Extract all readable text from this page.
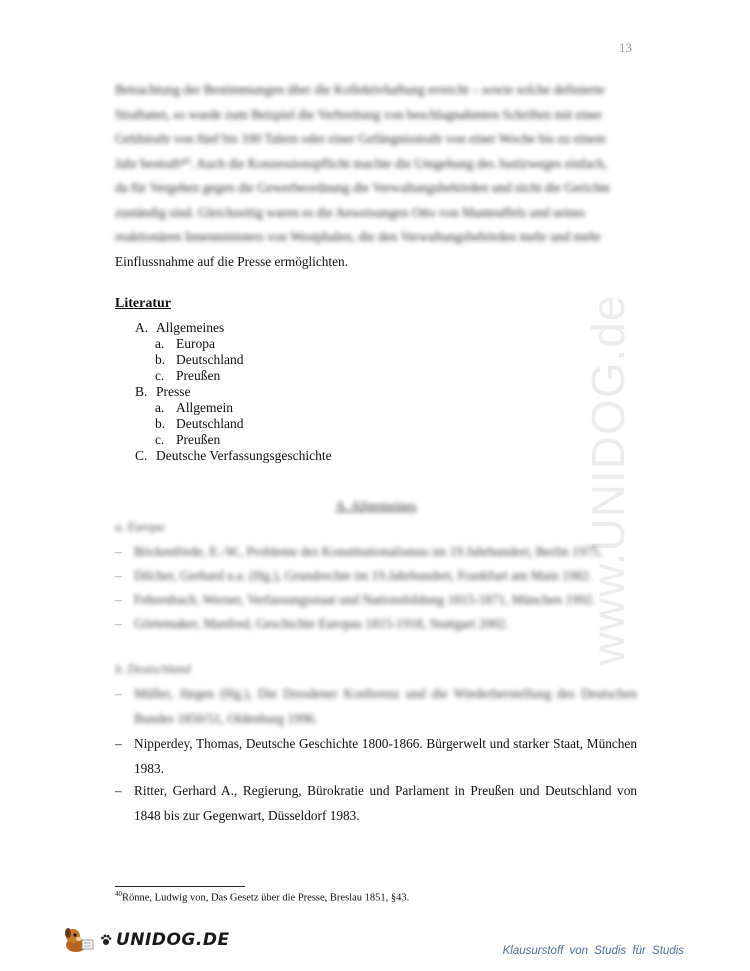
13
www.UNIDOG.de

Betrachtung der Bestimmungen über die Kollektivhaftung erreicht – sowie solche definierte

Straftaten, so wurde zum Beispiel die Verbreitung von beschlagnahmten Schriften mit einer

Geldstrafe von fünf bis 100 Talern oder einer Gefängnisstrafe von einer Woche bis zu einem

Jahr bestraft⁴⁰. Auch die Konzessionspflicht machte die Umgehung des Justizweges einfach,

da für Vergehen gegen die Gewerbeordnung die Verwaltungsbehörden und nicht die Gerichte

zuständig sind. Gleichzeitig waren es die Anweisungen Otto von Manteuffels und seines

reaktionären Innenministers von Westphalen, die den Verwaltungsbehörden mehr und mehr

Einflussnahme auf die Presse ermöglichten.

Literatur
A. Allgemeines
a. Europa
b. Deutschland
c. Preußen
B. Presse
a. Allgemein
b. Deutschland
c. Preußen
C. Deutsche Verfassungsgeschichte
A. Allgemeines
a. Europa
– Böckenförde, E.-W., Probleme des Konstitutionalismus im 19.Jahrhundert, Berlin 1975.
– Dilcher, Gerhard u.a. (Hg.), Grundrechte im 19.Jahrhundert, Frankfurt am Main 1982.
– Fehrenbach, Werner, Verfassungsstaat und Nationsbildung 1815-1871, München 1992.
– Görtemaker, Manfred, Geschichte Europas 1815-1918, Stuttgart 2002.
b. Deutschland
– Müller, Jürgen (Hg.), Die Dresdener Konferenz und die Wiederherstellung des Deutschen Bundes 1850/51, Oldenburg 1996.
– Nipperdey, Thomas, Deutsche Geschichte 1800-1866. Bürgerwelt und starker Staat, München 1983.
– Ritter, Gerhard A., Regierung, Bürokratie und Parlament in Preußen und Deutschland von 1848 bis zur Gegenwart, Düsseldorf 1983.
$^{40}$Rönne, Ludwig von, Das Gesetz über die Presse, Breslau 1851, §43.
UNIDOG.DE
Klausurstoff von Studis für Studis
